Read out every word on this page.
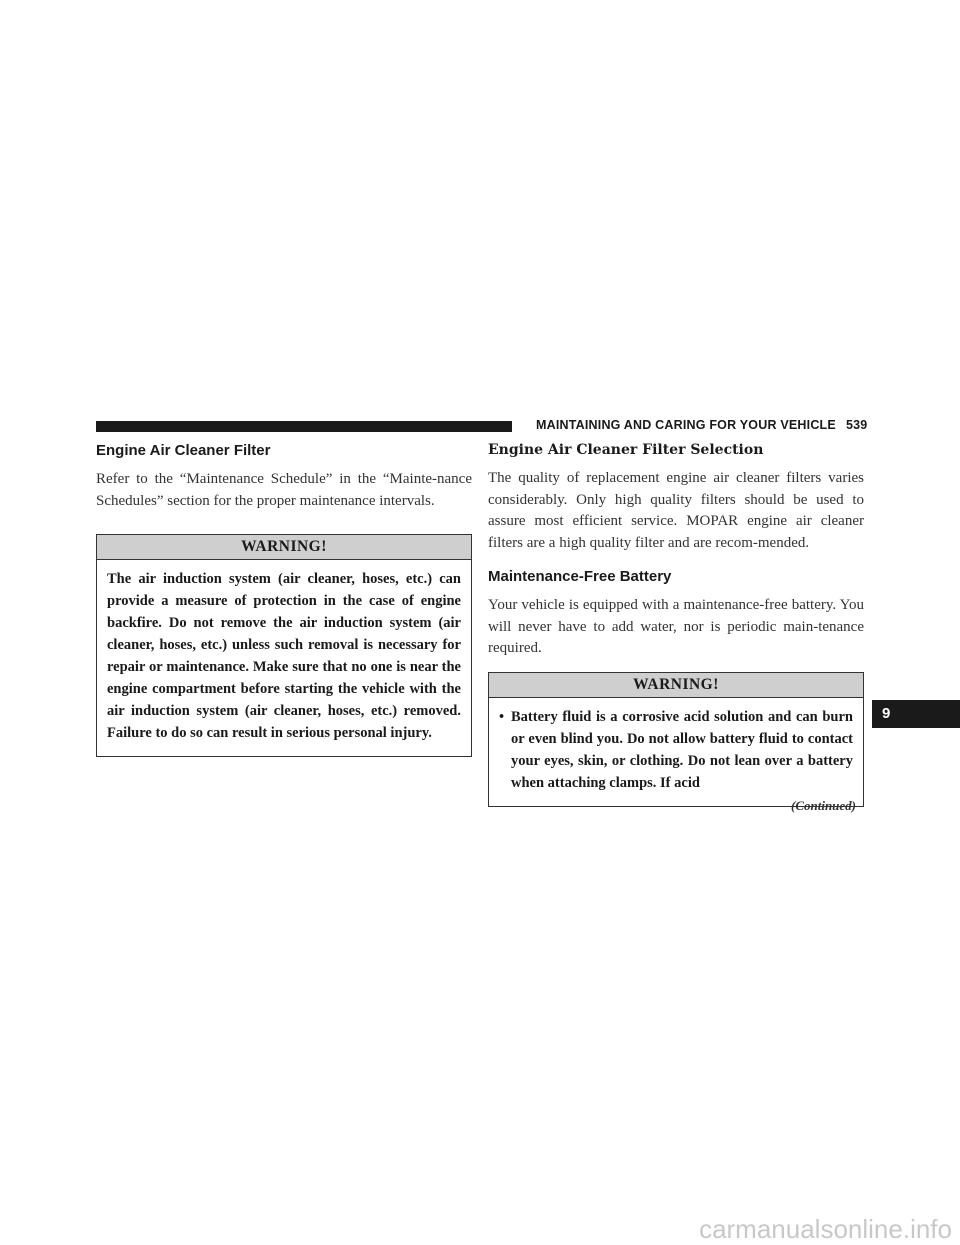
MAINTAINING AND CARING FOR YOUR VEHICLE 539
Engine Air Cleaner Filter

Refer to the “Maintenance Schedule” in the “Mainte-nance Schedules” section for the proper maintenance intervals.

WARNING!
The air induction system (air cleaner, hoses, etc.) can provide a measure of protection in the case of engine backfire. Do not remove the air induction system (air cleaner, hoses, etc.) unless such removal is necessary for repair or maintenance. Make sure that no one is near the engine compartment before starting the vehicle with the air induction system (air cleaner, hoses, etc.) removed. Failure to do so can result in serious personal injury.
Engine Air Cleaner Filter Selection

The quality of replacement engine air cleaner filters varies considerably. Only high quality filters should be used to assure most efficient service. MOPAR engine air cleaner filters are a high quality filter and are recom-mended.

Maintenance-Free Battery

Your vehicle is equipped with a maintenance-free battery. You will never have to add water, nor is periodic main-tenance required.

WARNING!
• Battery fluid is a corrosive acid solution and can burn or even blind you. Do not allow battery fluid to contact your eyes, skin, or clothing. Do not lean over a battery when attaching clamps. If acid
(Continued)
9
carmanualsonline.info
